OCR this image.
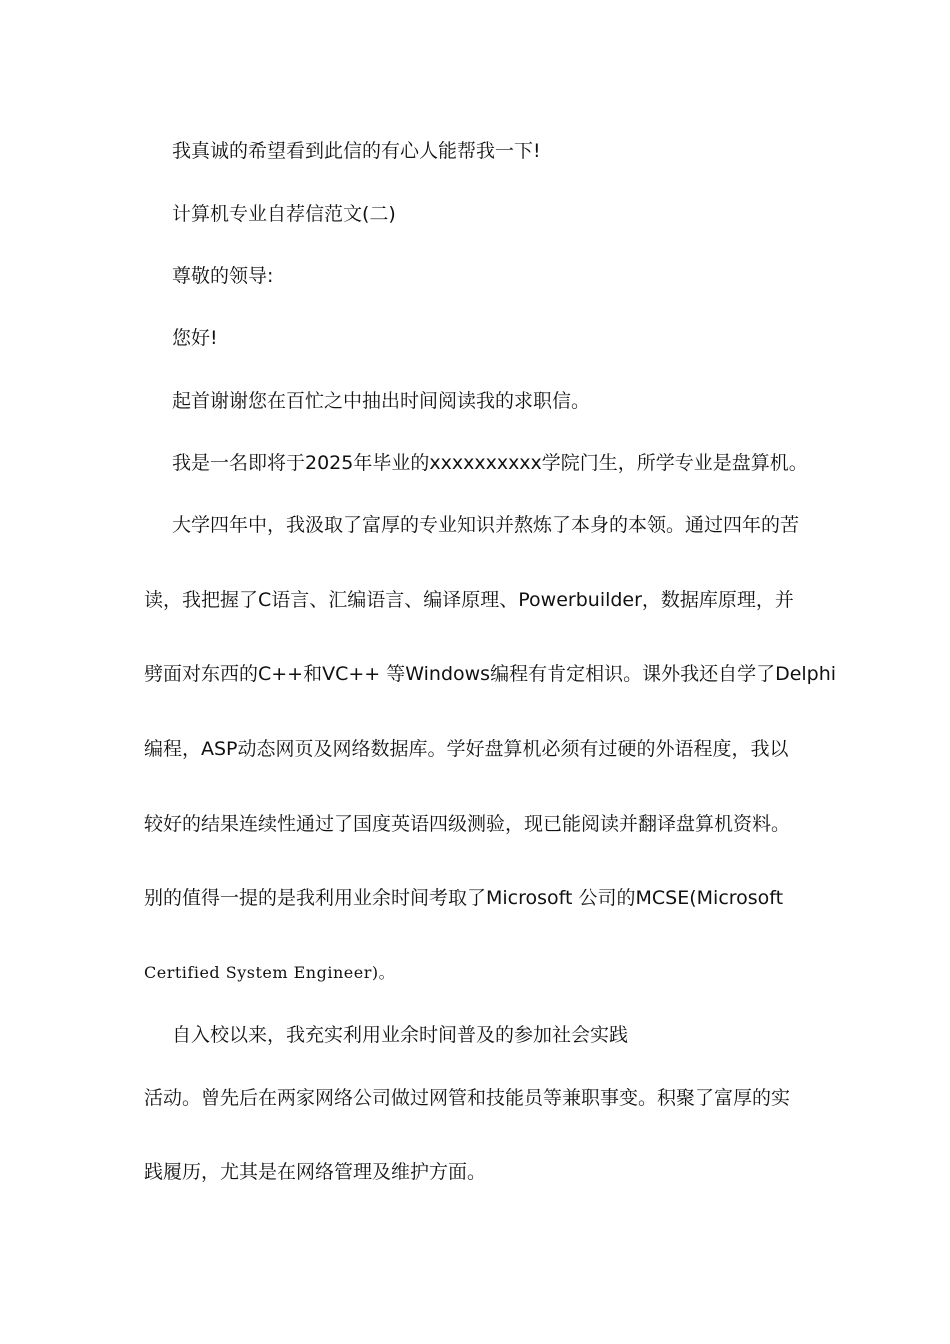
我真诚的希望看到此信的有心人能帮我一下!
计算机专业自荐信范文(二)
尊敬的领导:
您好!
起首谢谢您在百忙之中抽出时间阅读我的求职信。
我是一名即将于2025年毕业的xxxxxxxxxx学院门生，所学专业是盘算机。
大学四年中，我汲取了富厚的专业知识并熬炼了本身的本领。通过四年的苦
读，我把握了C语言、汇编语言、编译原理、Powerbuilder，数据库原理，并
劈面对东西的C++和VC++ 等Windows编程有肯定相识。课外我还自学了Delphi
编程，ASP动态网页及网络数据库。学好盘算机必须有过硬的外语程度，我以
较好的结果连续性通过了国度英语四级测验，现已能阅读并翻译盘算机资料。
别的值得一提的是我利用业余时间考取了Microsoft 公司的MCSE(Microsoft
Certified System Engineer)。
自入校以来，我充实利用业余时间普及的参加社会实践
活动。曾先后在两家网络公司做过网管和技能员等兼职事变。积聚了富厚的实
践履历，尤其是在网络管理及维护方面。
